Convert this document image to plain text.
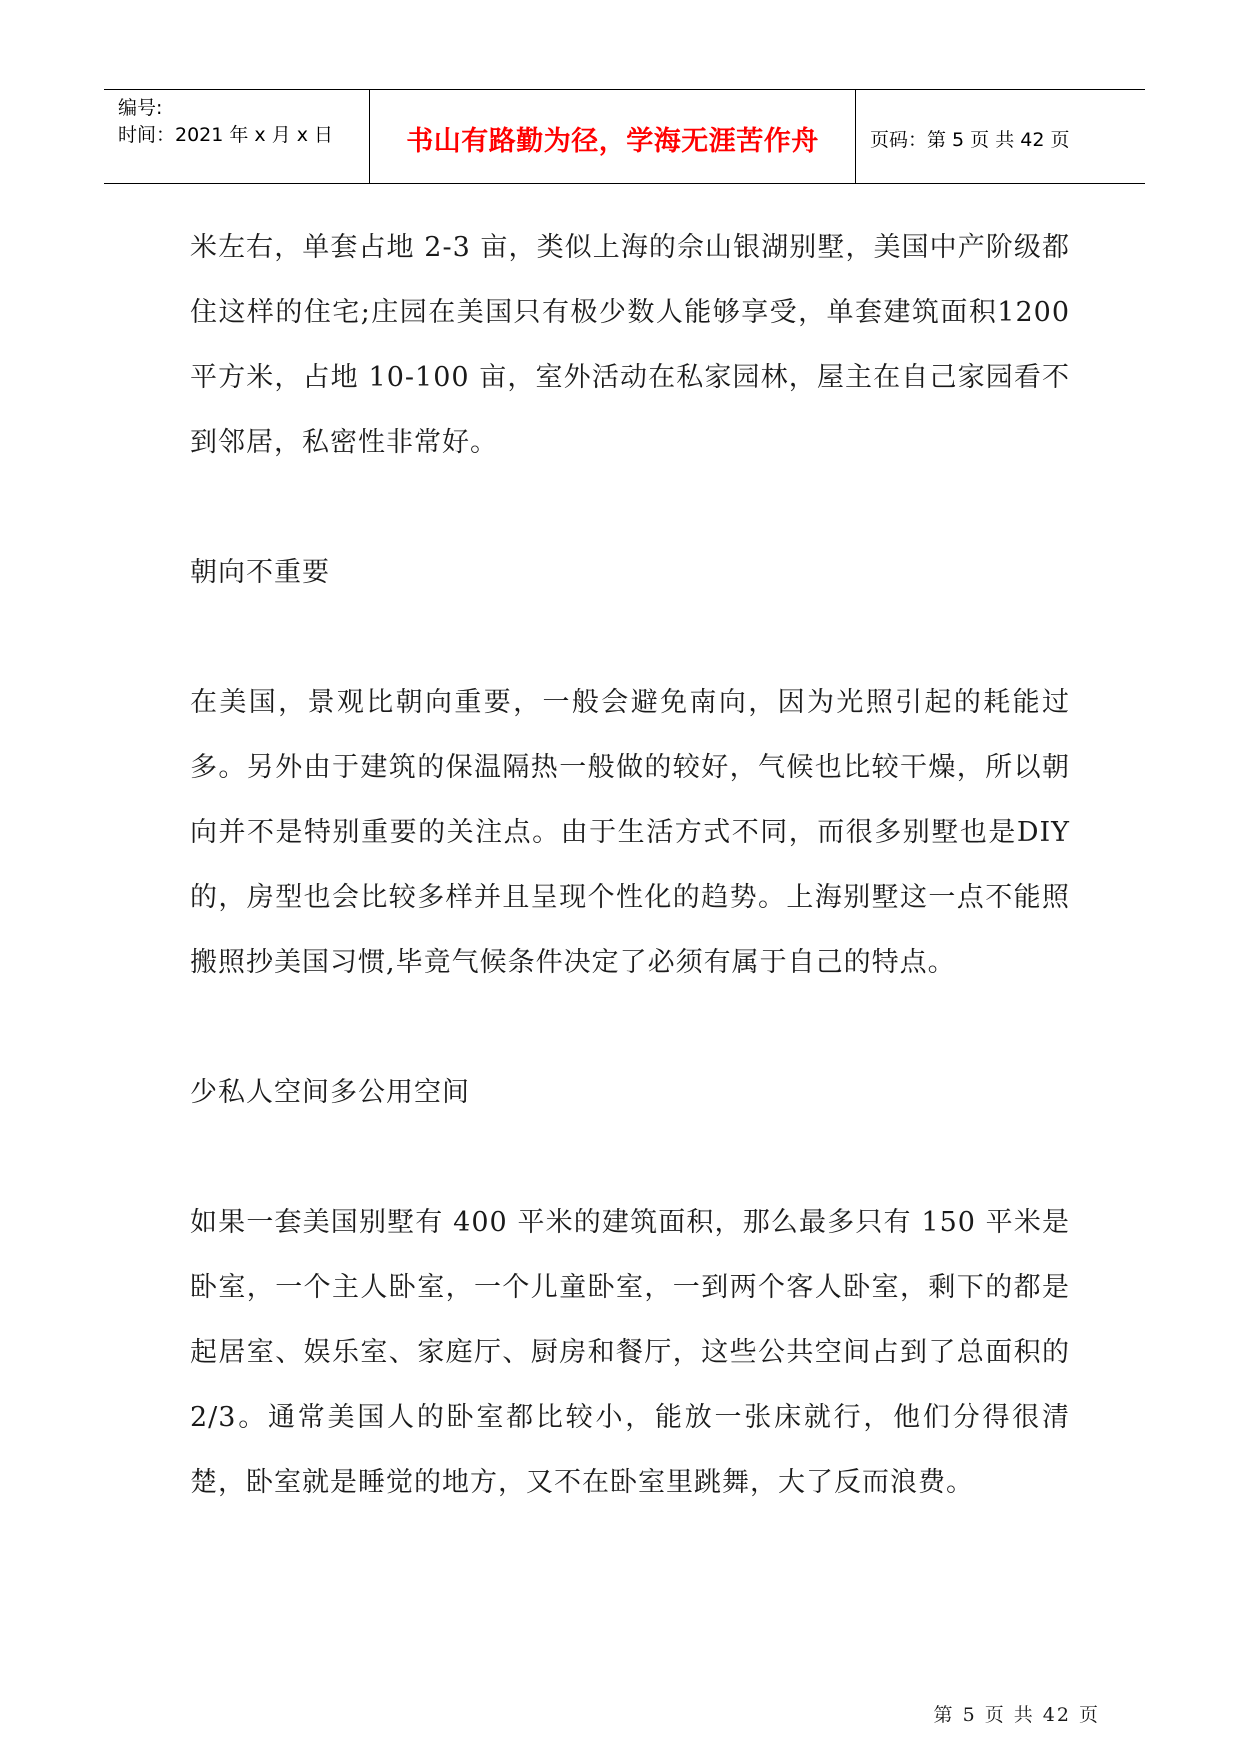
编号:
时间：2021 年 x 月 x 日	书山有路勤为径，学海无涯苦作舟	页码：第 5 页 共 42 页

米左右，单套占地 2-3 亩，类似上海的佘山银湖别墅，美国中产阶级都住这样的住宅;庄园在美国只有极少数人能够享受，单套建筑面积1200 平方米，占地 10-100 亩，室外活动在私家园林，屋主在自己家园看不到邻居，私密性非常好。

朝向不重要

在美国，景观比朝向重要，一般会避免南向，因为光照引起的耗能过多。另外由于建筑的保温隔热一般做的较好，气候也比较干燥，所以朝向并不是特别重要的关注点。由于生活方式不同，而很多别墅也是DIY 的，房型也会比较多样并且呈现个性化的趋势。上海别墅这一点不能照搬照抄美国习惯,毕竟气候条件决定了必须有属于自己的特点。

少私人空间多公用空间

如果一套美国别墅有 400 平米的建筑面积，那么最多只有 150 平米是卧室，一个主人卧室，一个儿童卧室，一到两个客人卧室，剩下的都是起居室、娱乐室、家庭厅、厨房和餐厅，这些公共空间占到了总面积的 2/3。通常美国人的卧室都比较小，能放一张床就行，他们分得很清楚，卧室就是睡觉的地方，又不在卧室里跳舞，大了反而浪费。

第 5 页 共 42 页
